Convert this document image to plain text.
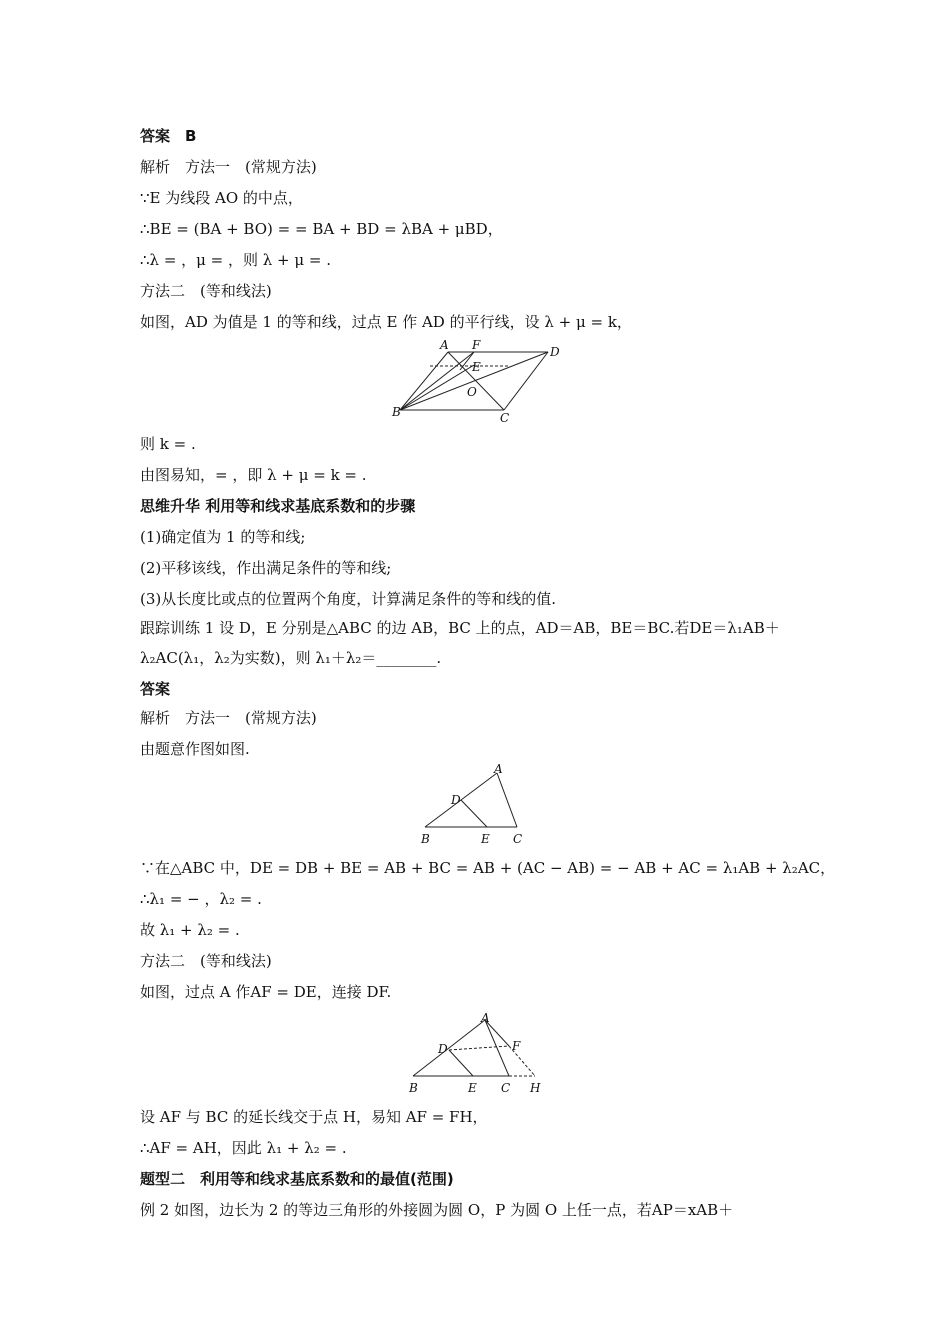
答案　B
解析　方法一　(常规方法)
∵E 为线段 AO 的中点，
∴BE = (BA + BO) = = BA + BD = λBA + μBD，
∴λ = ，μ = ，则 λ + μ = .
方法二　(等和线法)
如图，AD 为值是 1 的等和线，过点 E 作 AD 的平行线，设 λ + μ = k，
A F	D
E
O
B	C
则 k = .
由图易知，= ，即 λ + μ = k = .
思维升华 利用等和线求基底系数和的步骤
(1)确定值为 1 的等和线;
(2)平移该线，作出满足条件的等和线;
(3)从长度比或点的位置两个角度，计算满足条件的等和线的值.
跟踪训练 1 设 D，E 分别是△ABC 的边 AB，BC 上的点，AD＝AB，BE＝BC.若DE＝λ₁AB＋
λ₂AC(λ₁，λ₂为实数)，则 λ₁＋λ₂＝________.
答案
解析　方法一　(常规方法)
由题意作图如图.
A
D
B	E C
∵在△ABC 中，DE = DB + BE = AB + BC = AB + (AC − AB) = − AB + AC = λ₁AB + λ₂AC，
∴λ₁ = − ，λ₂ = .
故 λ₁ + λ₂ = .
方法二　(等和线法)
如图，过点 A 作AF = DE，连接 DF.
A
D	F
B	E C H
设 AF 与 BC 的延长线交于点 H，易知 AF = FH，
∴AF = AH，因此 λ₁ + λ₂ = .
题型二　利用等和线求基底系数和的最值(范围)
例 2 如图，边长为 2 的等边三角形的外接圆为圆 O，P 为圆 O 上任一点，若AP＝xAB＋
